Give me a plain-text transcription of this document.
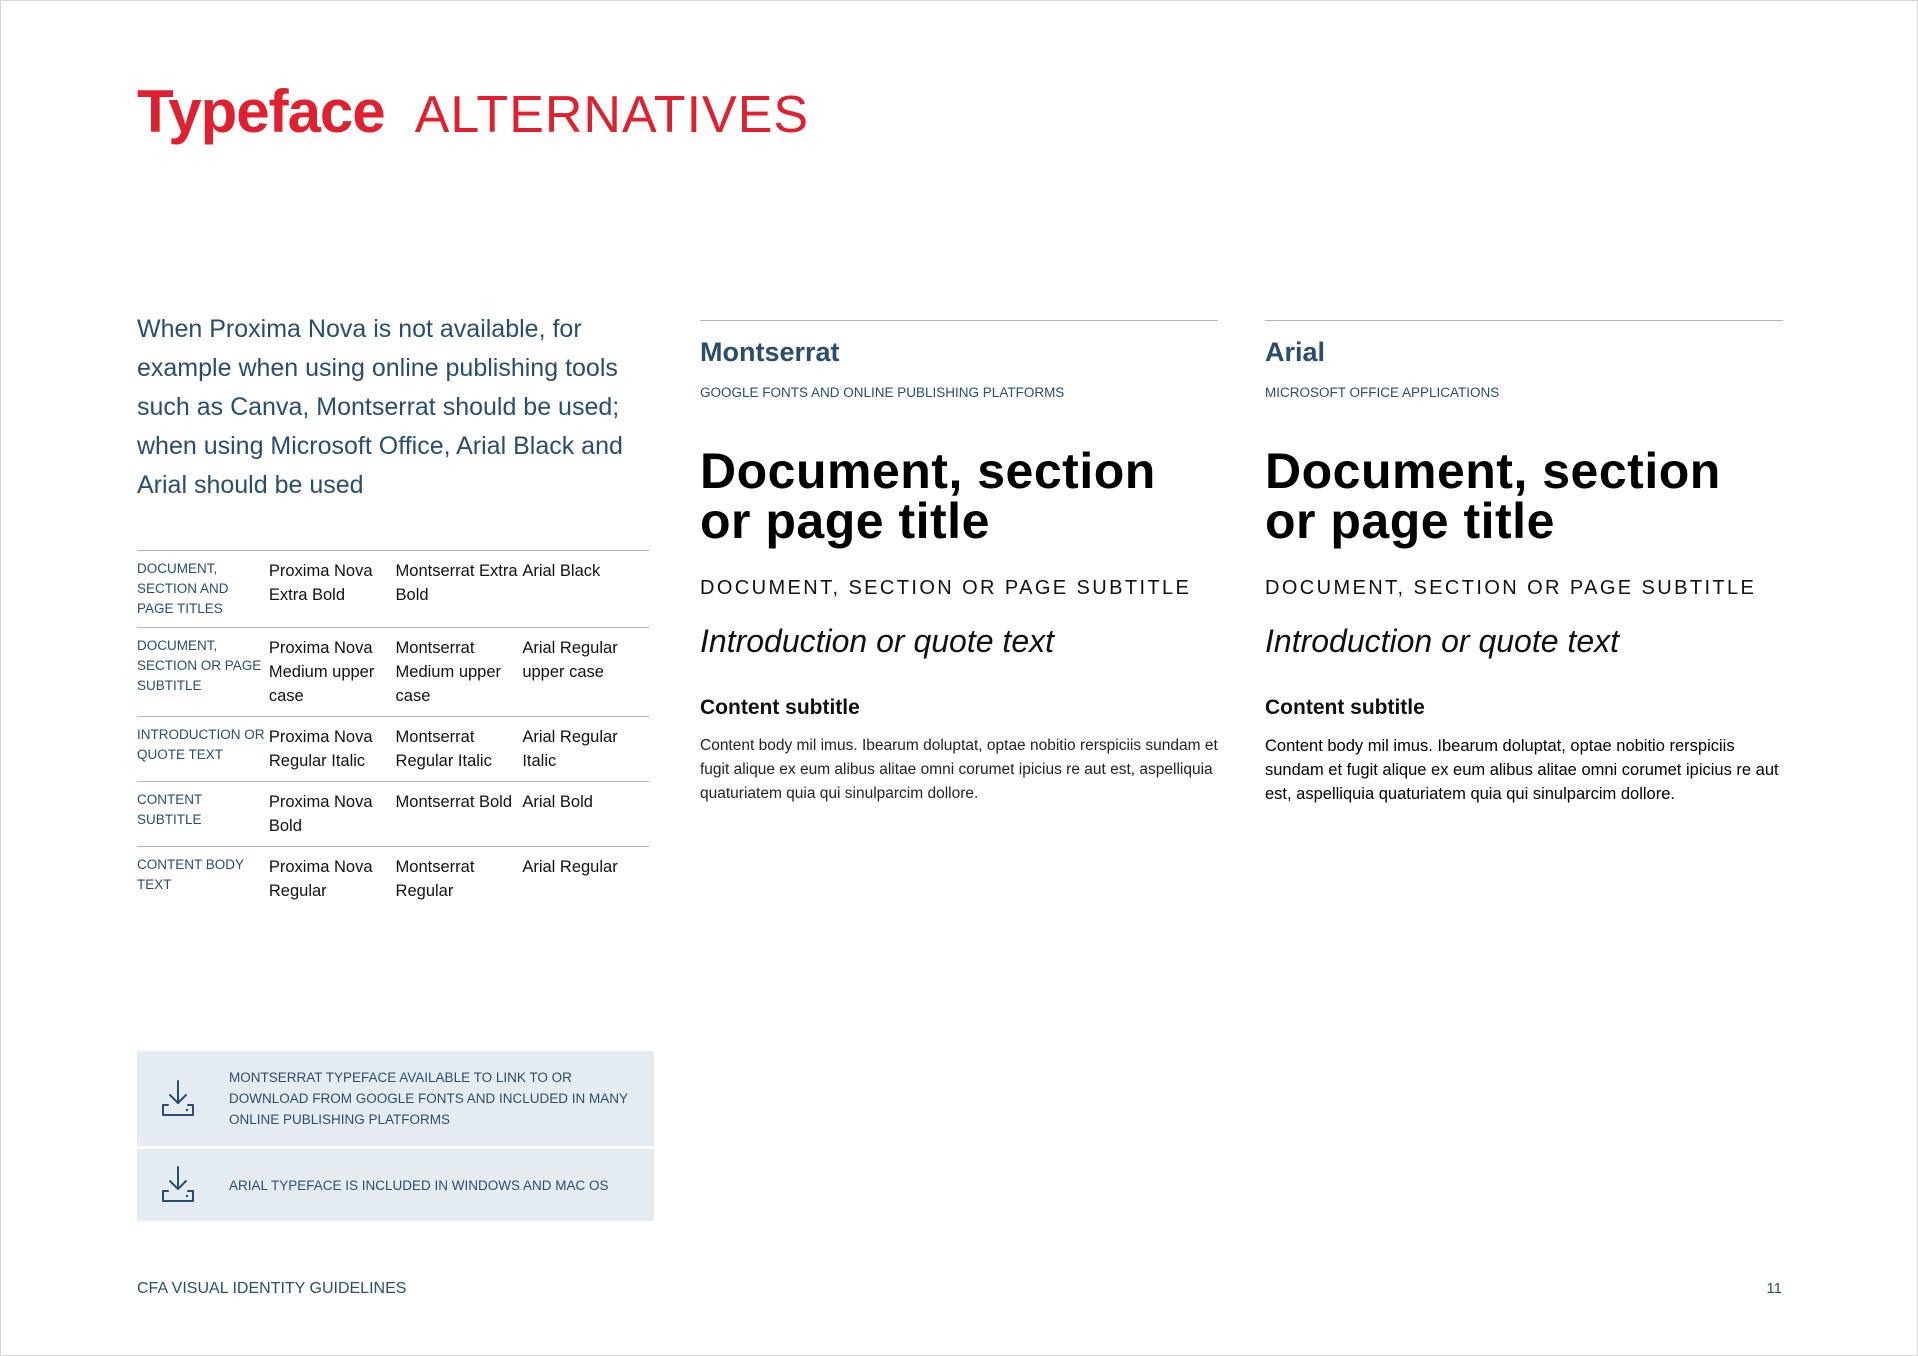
Typeface ALTERNATIVES
When Proxima Nova is not available, for example when using online publishing tools such as Canva, Montserrat should be used; when using Microsoft Office, Arial Black and Arial should be used
DOCUMENT, SECTION AND PAGE TITLES	Proxima Nova Extra Bold	Montserrat Extra Bold	Arial Black
DOCUMENT, SECTION OR PAGE SUBTITLE	Proxima Nova Medium upper case	Montserrat Medium upper case	Arial Regular upper case
INTRODUCTION OR QUOTE TEXT	Proxima Nova Regular Italic	Montserrat Regular Italic	Arial Regular Italic
CONTENT SUBTITLE	Proxima Nova Bold	Montserrat Bold	Arial Bold
CONTENT BODY TEXT	Proxima Nova Regular	Montserrat Regular	Arial Regular
Montserrat
GOOGLE FONTS AND ONLINE PUBLISHING PLATFORMS
Document, section or page title
DOCUMENT, SECTION OR PAGE SUBTITLE
Introduction or quote text
Content subtitle
Content body mil imus. Ibearum doluptat, optae nobitio rerspiciis sundam et fugit alique ex eum alibus alitae omni corumet ipicius re aut est, aspelliquia quaturiatem quia qui sinulparcim dollore.
Arial
MICROSOFT OFFICE APPLICATIONS
Document, section or page title
DOCUMENT, SECTION OR PAGE SUBTITLE
Introduction or quote text
Content subtitle
Content body mil imus. Ibearum doluptat, optae nobitio rerspiciis sundam et fugit alique ex eum alibus alitae omni corumet ipicius re aut est, aspelliquia quaturiatem quia qui sinulparcim dollore.
MONTSERRAT TYPEFACE AVAILABLE TO LINK TO OR DOWNLOAD FROM GOOGLE FONTS AND INCLUDED IN MANY ONLINE PUBLISHING PLATFORMS
ARIAL TYPEFACE IS INCLUDED IN WINDOWS AND MAC OS
CFA VISUAL IDENTITY GUIDELINES	11
